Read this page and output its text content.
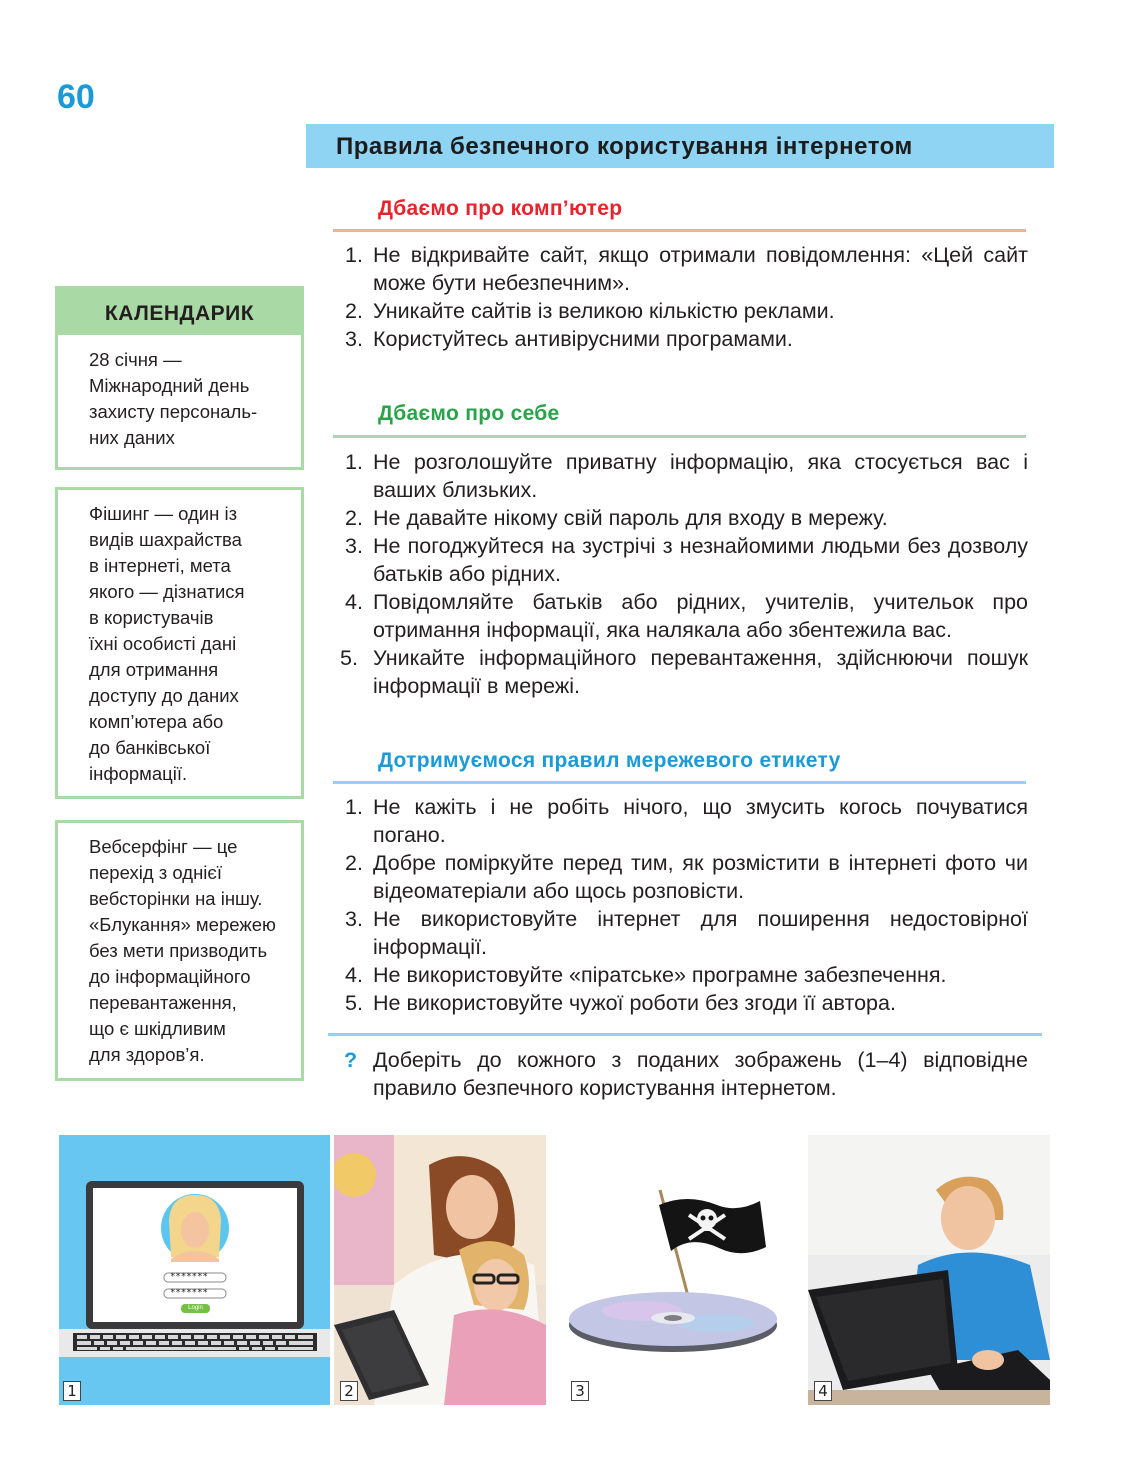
60
Правила безпечного користування інтернетом
Дбаємо про комп’ютер
1. Не відкривайте сайт, якщо отримали повідомлення: «Цей сайт може бути небезпечним».
2. Уникайте сайтів із великою кількістю реклами.
3. Користуйтесь антивірусними програмами.
Дбаємо про себе
1. Не розголошуйте приватну інформацію, яка стосується вас і ваших близьких.
2. Не давайте нікому свій пароль для входу в мережу.
3. Не погоджуйтеся на зустрічі з незнайомими людьми без дозволу батьків або рідних.
4. Повідомляйте батьків або рідних, учителів, учительок про отримання інформації, яка налякала або збентежила вас.
5. Уникайте інформаційного перевантаження, здійснюючи пошук інформації в мережі.
Дотримуємося правил мережевого етикету
1. Не кажіть і не робіть нічого, що змусить когось почуватися погано.
2. Добре поміркуйте перед тим, як розмістити в інтернеті фото чи відеоматеріали або щось розповісти.
3. Не використовуйте інтернет для поширення недостовірної інформації.
4. Не використовуйте «піратське» програмне забезпечення.
5. Не використовуйте чужої роботи без згоди її автора.
? Доберіть до кожного з поданих зображень (1–4) відповідне правило безпечного користування інтернетом.
КАЛЕНДАРИК
28 січня —
Міжнародний день
захисту персональ-
них даних
Фішинг — один із
видів шахрайства
в інтернеті, мета
якого — дізнатися
в користувачів
їхні особисті дані
для отримання
доступу до даних
комп’ютера або
до банківської
інформації.
Вебсерфінг — це
перехід з однієї
вебсторінки на іншу.
«Блукання» мережею
без мети призводить
до інформаційного
перевантаження,
що є шкідливим
для здоров’я.
*******
*******
Login
1	2	3	4
